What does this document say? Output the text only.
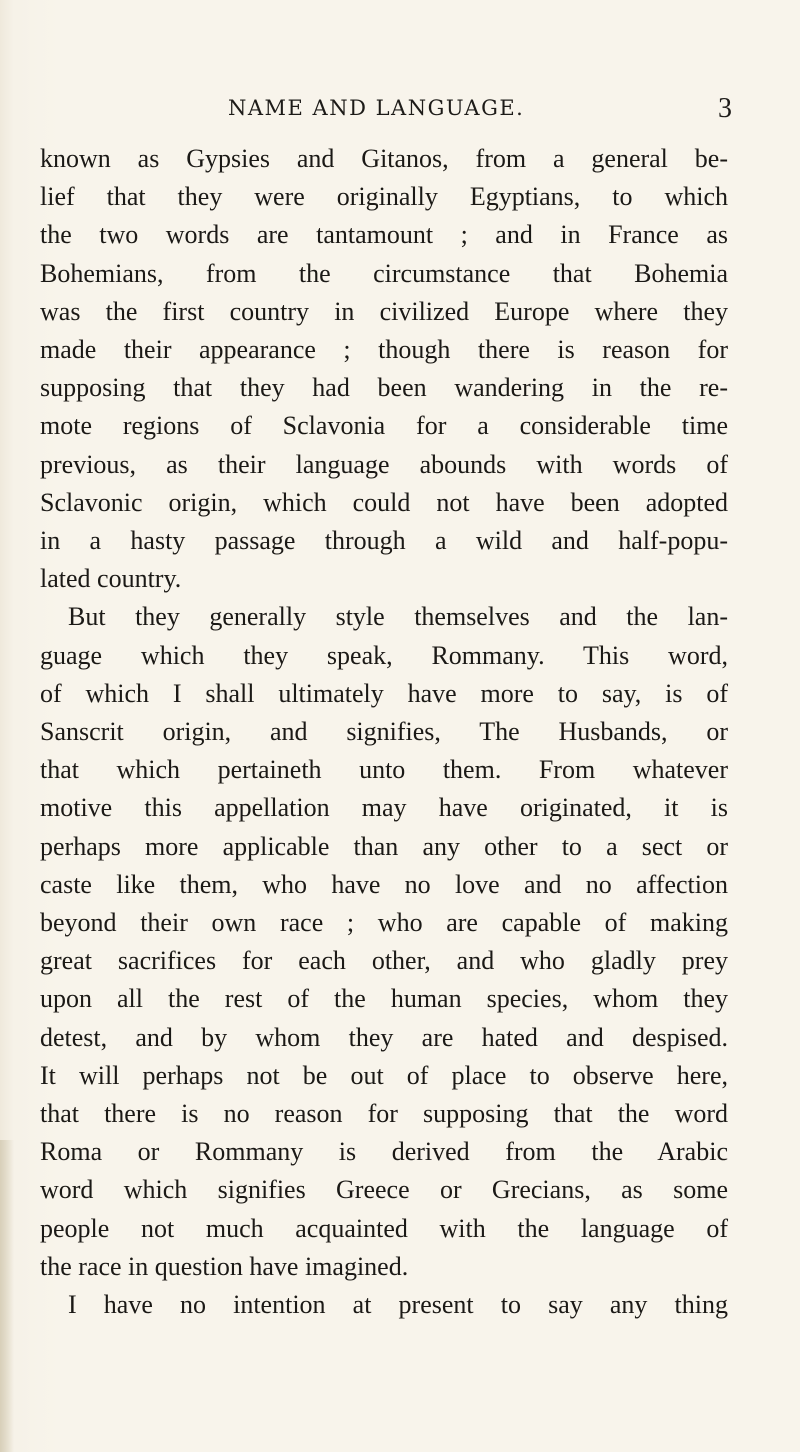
NAME AND LANGUAGE.	3
known as Gypsies and Gitanos, from a general be-
lief that they were originally Egyptians, to which
the two words are tantamount ; and in France as
Bohemians, from the circumstance that Bohemia
was the first country in civilized Europe where they
made their appearance ; though there is reason for
supposing that they had been wandering in the re-
mote regions of Sclavonia for a considerable time
previous, as their language abounds with words of
Sclavonic origin, which could not have been adopted
in a hasty passage through a wild and half-popu-
lated country.
But they generally style themselves and the lan-
guage which they speak, Rommany. This word,
of which I shall ultimately have more to say, is of
Sanscrit origin, and signifies, The Husbands, or
that which pertaineth unto them. From whatever
motive this appellation may have originated, it is
perhaps more applicable than any other to a sect or
caste like them, who have no love and no affection
beyond their own race ; who are capable of making
great sacrifices for each other, and who gladly prey
upon all the rest of the human species, whom they
detest, and by whom they are hated and despised.
It will perhaps not be out of place to observe here,
that there is no reason for supposing that the word
Roma or Rommany is derived from the Arabic
word which signifies Greece or Grecians, as some
people not much acquainted with the language of
the race in question have imagined.
I have no intention at present to say any thing
